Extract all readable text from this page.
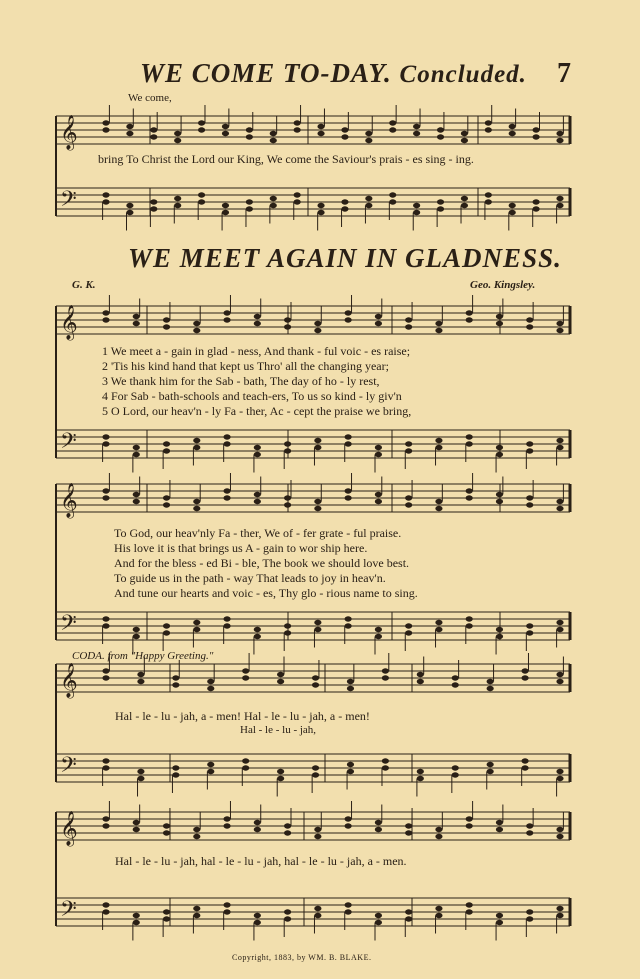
𝄞
𝄢
𝄞
𝄢
𝄞
𝄢
𝄞
𝄢
𝄞
𝄢
WE COME TO-DAY. Concluded. 7
We come,
bring To Christ the Lord our King, We come the Saviour's prais - es sing - ing.
WE MEET AGAIN IN GLADNESS.
G. K.	Geo. Kingsley.
1 We meet a - gain in glad - ness, And thank - ful voic - es raise;
2 'Tis his kind hand that kept us Thro' all the changing year;
3 We thank him for the Sab - bath, The day of ho - ly rest,
4 For Sab - bath-schools and teach-ers, To us so kind - ly giv'n
5 O Lord, our heav'n - ly Fa - ther, Ac - cept the praise we bring,
To God, our heav'nly Fa - ther, We of - fer grate - ful praise.
His love it is that brings us A - gain to wor ship here.
And for the bless - ed Bi - ble, The book we should love best.
To guide us in the path - way That leads to joy in heav'n.
And tune our hearts and voic - es, Thy glo - rious name to sing.
CODA. from "Happy Greeting."
Hal - le - lu - jah, a - men! Hal - le - lu - jah, a - men!
Hal - le - lu - jah,
Hal - le - lu - jah, hal - le - lu - jah, hal - le - lu - jah, a - men.
Copyright, 1883, by WM. B. BLAKE.
